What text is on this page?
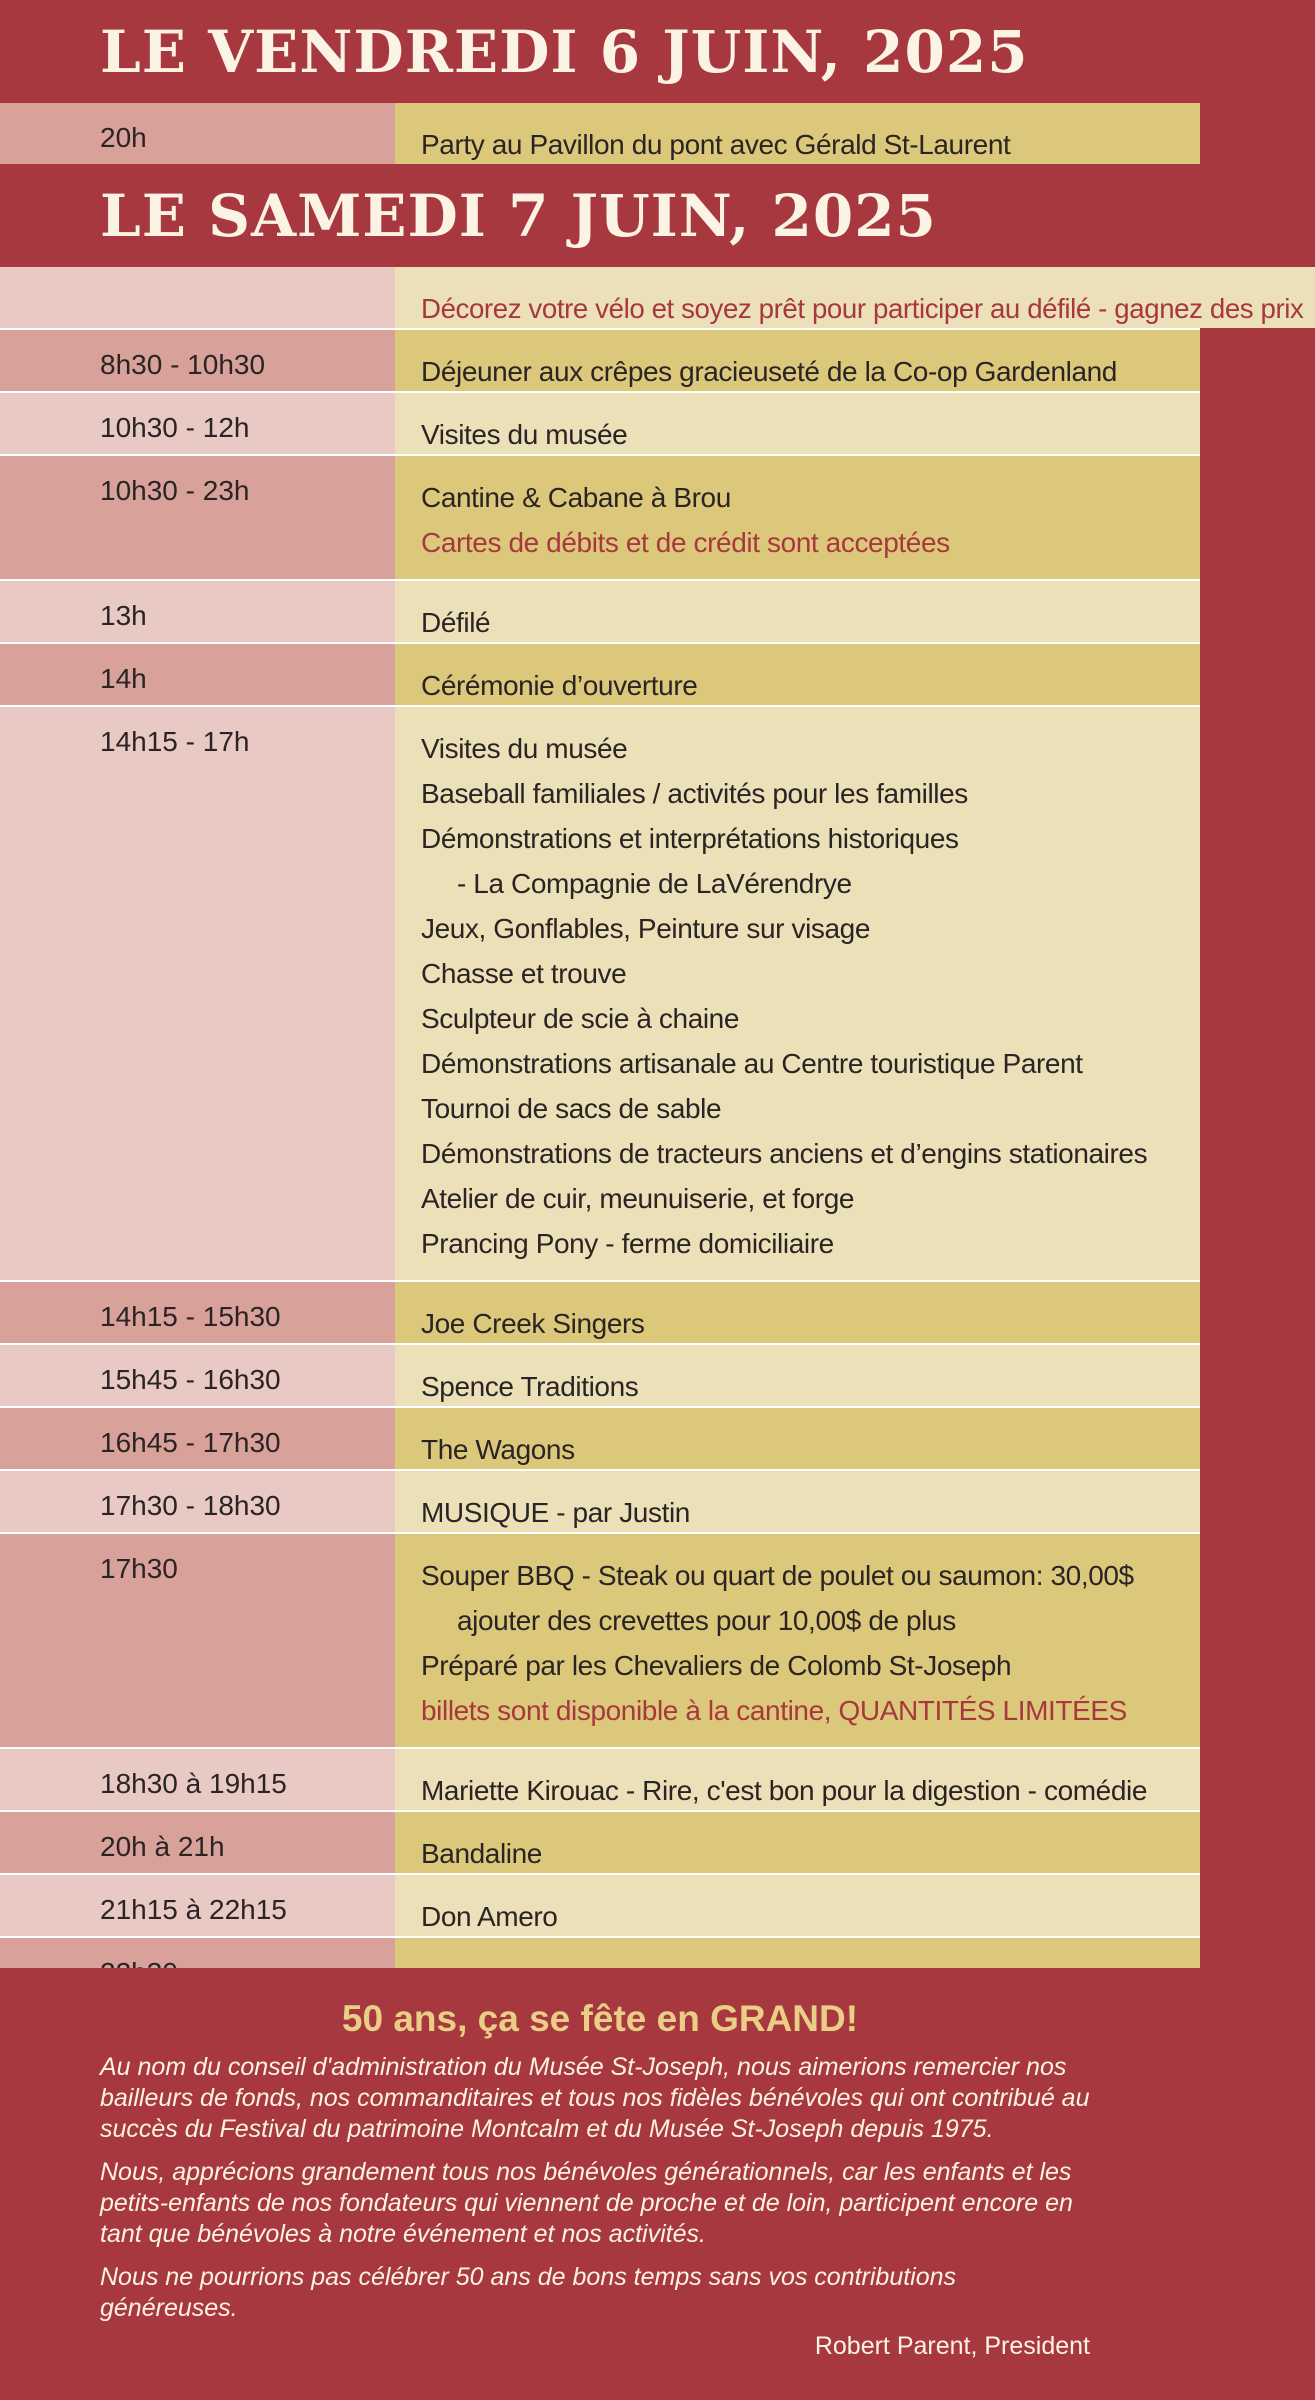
LE VENDREDI 6 JUIN, 2025
20h	Party au Pavillon du pont avec Gérald St-Laurent
LE SAMEDI 7 JUIN, 2025
Décorez votre vélo et soyez prêt pour participer au défilé - gagnez des prix
8h30 - 10h30	Déjeuner aux crêpes gracieuseté de la Co-op Gardenland
10h30 - 12h	Visites du musée
10h30 - 23h	Cantine & Cabane à Brou
Cartes de débits et de crédit sont acceptées
13h	Défilé
14h	Cérémonie d’ouverture
14h15 - 17h	Visites du musée
Baseball familiales / activités pour les familles
Démonstrations et interprétations historiques
- La Compagnie de LaVérendrye
Jeux, Gonflables, Peinture sur visage
Chasse et trouve
Sculpteur de scie à chaine
Démonstrations artisanale au Centre touristique Parent
Tournoi de sacs de sable
Démonstrations de tracteurs anciens et d’engins stationaires
Atelier de cuir, meunuiserie, et forge
Prancing Pony - ferme domiciliaire
14h15 - 15h30	Joe Creek Singers
15h45 - 16h30	Spence Traditions
16h45 - 17h30	The Wagons
17h30 - 18h30	MUSIQUE - par Justin
17h30	Souper BBQ - Steak ou quart de poulet ou saumon: 30,00$
ajouter des crevettes pour 10,00$ de plus
Préparé par les Chevaliers de Colomb St-Joseph
billets sont disponible à la cantine, QUANTITÉS LIMITÉES
18h30 à 19h15	Mariette Kirouac - Rire, c'est bon pour la digestion - comédie
20h à 21h	Bandaline
21h15 à 22h15	Don Amero
50 ans, ça se fête en GRAND!
Au nom du conseil d'administration du Musée St-Joseph, nous aimerions remercier nos bailleurs de fonds, nos commanditaires et tous nos fidèles bénévoles qui ont contribué au succès du Festival du patrimoine Montcalm et du Musée St-Joseph depuis 1975.
Nous, apprécions grandement tous nos bénévoles générationnels, car les enfants et les petits-enfants de nos fondateurs qui viennent de proche et de loin, participent encore en tant que bénévoles à notre événement et nos activités.
Nous ne pourrions pas célébrer 50 ans de bons temps sans vos contributions généreuses.
Robert Parent, President
